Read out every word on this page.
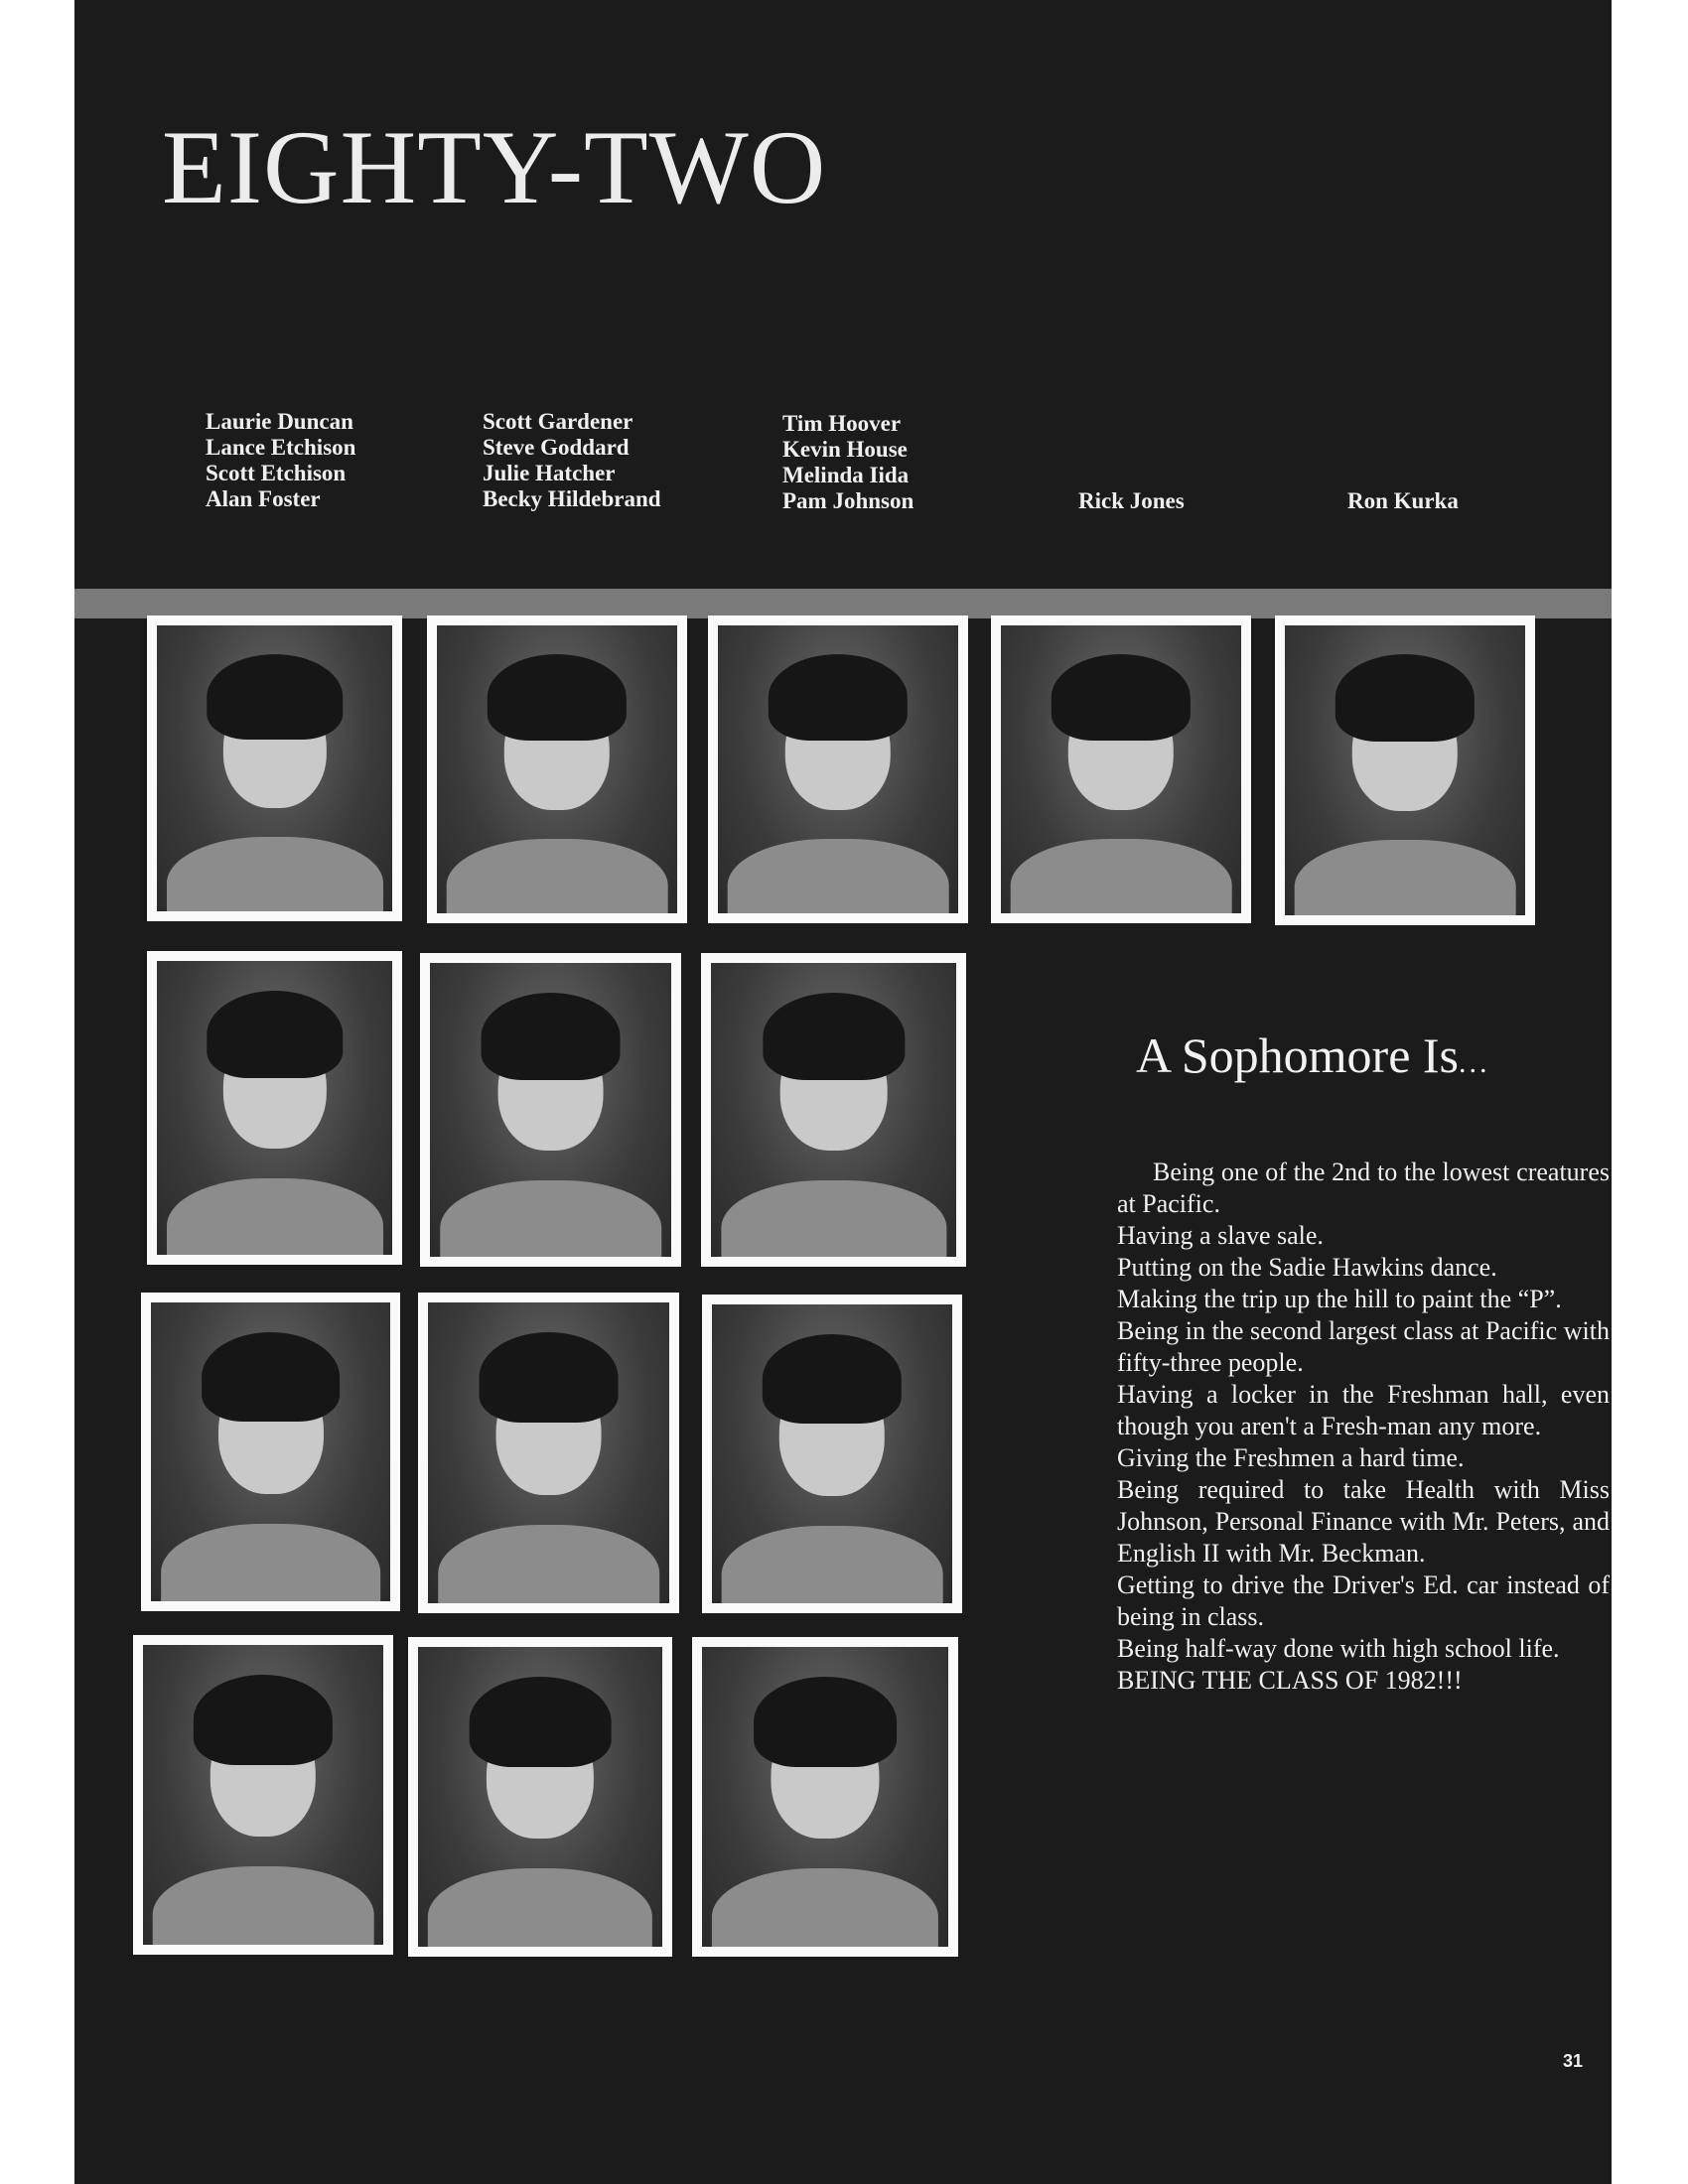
EIGHTY-TWO
Laurie Duncan
Lance Etchison
Scott Etchison
Alan Foster
Scott Gardener
Steve Goddard
Julie Hatcher
Becky Hildebrand
Tim Hoover
Kevin House
Melinda Iida
Pam Johnson	Rick Jones	Ron Kurka
A Sophomore Is...

Being one of the 2nd to the lowest creatures at Pacific.

Having a slave sale.

Putting on the Sadie Hawkins dance.

Making the trip up the hill to paint the “P”.

Being in the second largest class at Pacific with fifty-three people.

Having a locker in the Freshman hall, even though you aren't a Fresh-man any more.

Giving the Freshmen a hard time.

Being required to take Health with Miss Johnson, Personal Finance with Mr. Peters, and English II with Mr. Beckman.

Getting to drive the Driver's Ed. car instead of being in class.

Being half-way done with high school life.

BEING THE CLASS OF 1982!!!

31
